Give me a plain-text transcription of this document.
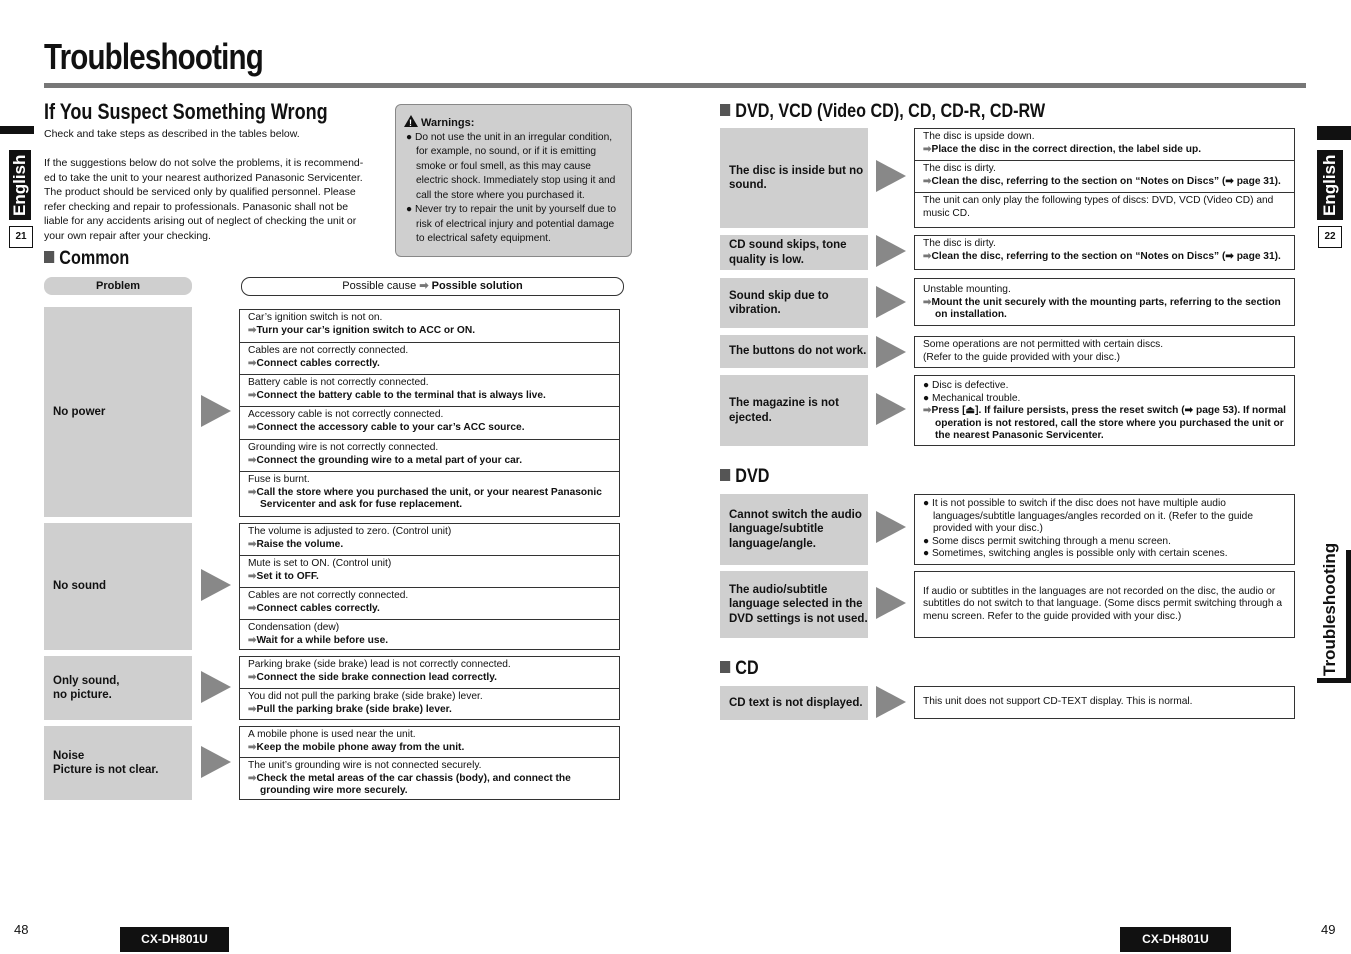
Troubleshooting
English
21
If You Suspect Something Wrong
Check and take steps as described in the tables below.
If the suggestions below do not solve the problems, it is recommend-ed to take the unit to your nearest authorized Panasonic Servicenter. The product should be serviced only by qualified personnel. Please refer checking and repair to professionals. Panasonic shall not be liable for any accidents arising out of neglect of checking the unit or your own repair after your checking.
!Warnings:
● Do not use the unit in an irregular condition, for example, no sound, or if it is emitting smoke or foul smell, as this may cause electric shock. Immediately stop using it and call the store where you purchased it.
● Never try to repair the unit by yourself due to risk of electrical injury and potential damage to electrical safety equipment.
Common
Problem	Possible cause ➡ Possible solution
No power
Car’s ignition switch is not on.
➡Turn your car’s ignition switch to ACC or ON.
Cables are not correctly connected.
➡Connect cables correctly.
Battery cable is not correctly connected.
➡Connect the battery cable to the terminal that is always live.
Accessory cable is not correctly connected.
➡Connect the accessory cable to your car’s ACC source.
Grounding wire is not correctly connected.
➡Connect the grounding wire to a metal part of your car.
Fuse is burnt.
➡Call the store where you purchased the unit, or your nearest Panasonic Servicenter and ask for fuse replacement.
No sound
The volume is adjusted to zero. (Control unit)
➡Raise the volume.
Mute is set to ON. (Control unit)
➡Set it to OFF.
Cables are not correctly connected.
➡Connect cables correctly.
Condensation (dew)
➡Wait for a while before use.
Only sound,
no picture.
Parking brake (side brake) lead is not correctly connected.
➡Connect the side brake connection lead correctly.
You did not pull the parking brake (side brake) lever.
➡Pull the parking brake (side brake) lever.
Noise
Picture is not clear.
A mobile phone is used near the unit.
➡Keep the mobile phone away from the unit.
The unit’s grounding wire is not connected securely.
➡Check the metal areas of the car chassis (body), and connect the grounding wire more securely.
48
CX-DH801U
DVD, VCD (Video CD), CD, CD-R, CD-RW
The disc is inside but no sound.
The disc is upside down.
➡Place the disc in the correct direction, the label side up.
The disc is dirty.
➡Clean the disc, referring to the section on “Notes on Discs” (➡ page 31).
The unit can only play the following types of discs: DVD, VCD (Video CD) and music CD.
CD sound skips, tone quality is low.
The disc is dirty.
➡Clean the disc, referring to the section on “Notes on Discs” (➡ page 31).
Sound skip due to vibration.
Unstable mounting.
➡Mount the unit securely with the mounting parts, referring to the section on installation.
The buttons do not work.
Some operations are not permitted with certain discs.
(Refer to the guide provided with your disc.)
The magazine is not ejected.
● Disc is defective.
● Mechanical trouble.
➡Press [⏏]. If failure persists, press the reset switch (➡ page 53). If normal operation is not restored, call the store where you purchased the unit or the nearest Panasonic Servicenter.
DVD
Cannot switch the audio language/subtitle language/angle.
● It is not possible to switch if the disc does not have multiple audio languages/subtitle languages/angles recorded on it. (Refer to the guide provided with your disc.)
● Some discs permit switching through a menu screen.
● Sometimes, switching angles is possible only with certain scenes.
The audio/subtitle language selected in the DVD settings is not used.
If audio or subtitles in the languages are not recorded on the disc, the audio or subtitles do not switch to that language. (Some discs permit switching through a menu screen. Refer to the guide provided with your disc.)
CD
CD text is not displayed.	This unit does not support CD-TEXT display. This is normal.
English
22
Troubleshooting
CX-DH801U
49
